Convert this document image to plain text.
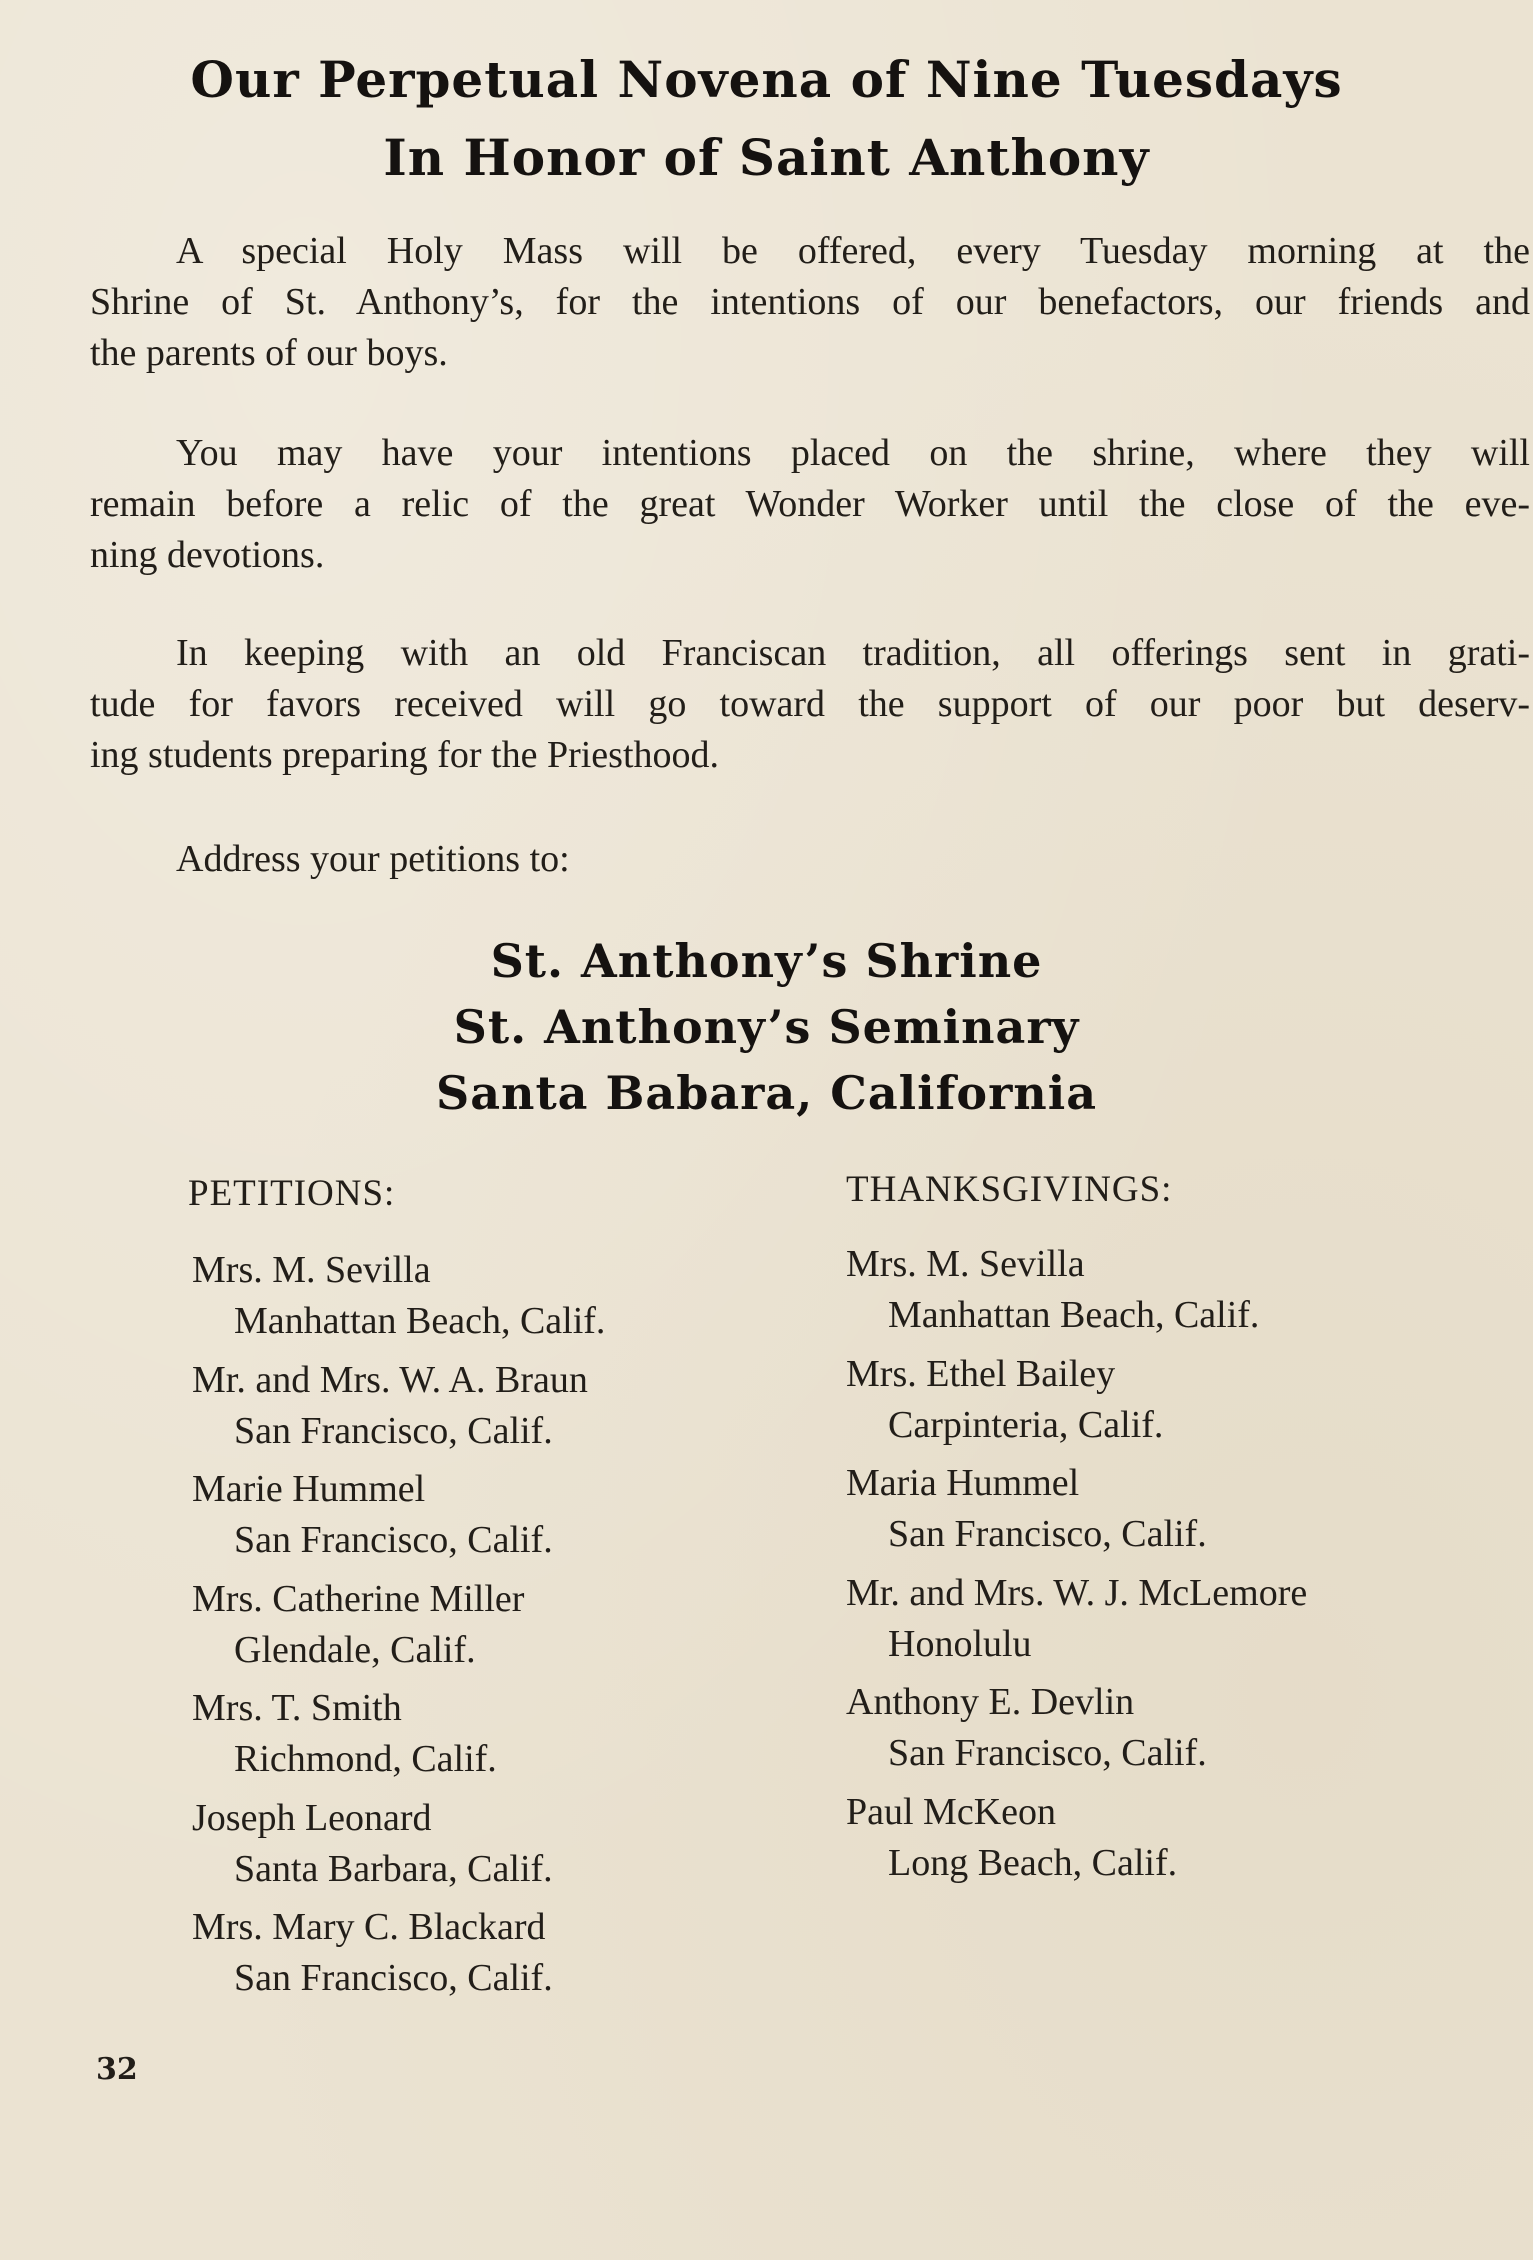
Our Perpetual Novena of Nine Tuesdays
In Honor of Saint Anthony

A special Holy Mass will be offered, every Tuesday morning at the
Shrine of St. Anthony’s, for the intentions of our benefactors, our friends and
the parents of our boys.

You may have your intentions placed on the shrine, where they will
remain before a relic of the great Wonder Worker until the close of the eve-
ning devotions.

In keeping with an old Franciscan tradition, all offerings sent in grati-
tude for favors received will go toward the support of our poor but deserv-
ing students preparing for the Priesthood.

Address your petitions to:

St. Anthony’s Shrine
St. Anthony’s Seminary
Santa Babara, California
PETITIONS:	THANKSGIVINGS:
Mrs. M. Sevilla
Manhattan Beach, Calif.
Mr. and Mrs. W. A. Braun
San Francisco, Calif.
Marie Hummel
San Francisco, Calif.
Mrs. Catherine Miller
Glendale, Calif.
Mrs. T. Smith
Richmond, Calif.
Joseph Leonard
Santa Barbara, Calif.
Mrs. Mary C. Blackard
San Francisco, Calif.
Mrs. M. Sevilla
Manhattan Beach, Calif.
Mrs. Ethel Bailey
Carpinteria, Calif.
Maria Hummel
San Francisco, Calif.
Mr. and Mrs. W. J. McLemore
Honolulu
Anthony E. Devlin
San Francisco, Calif.
Paul McKeon
Long Beach, Calif.
32
